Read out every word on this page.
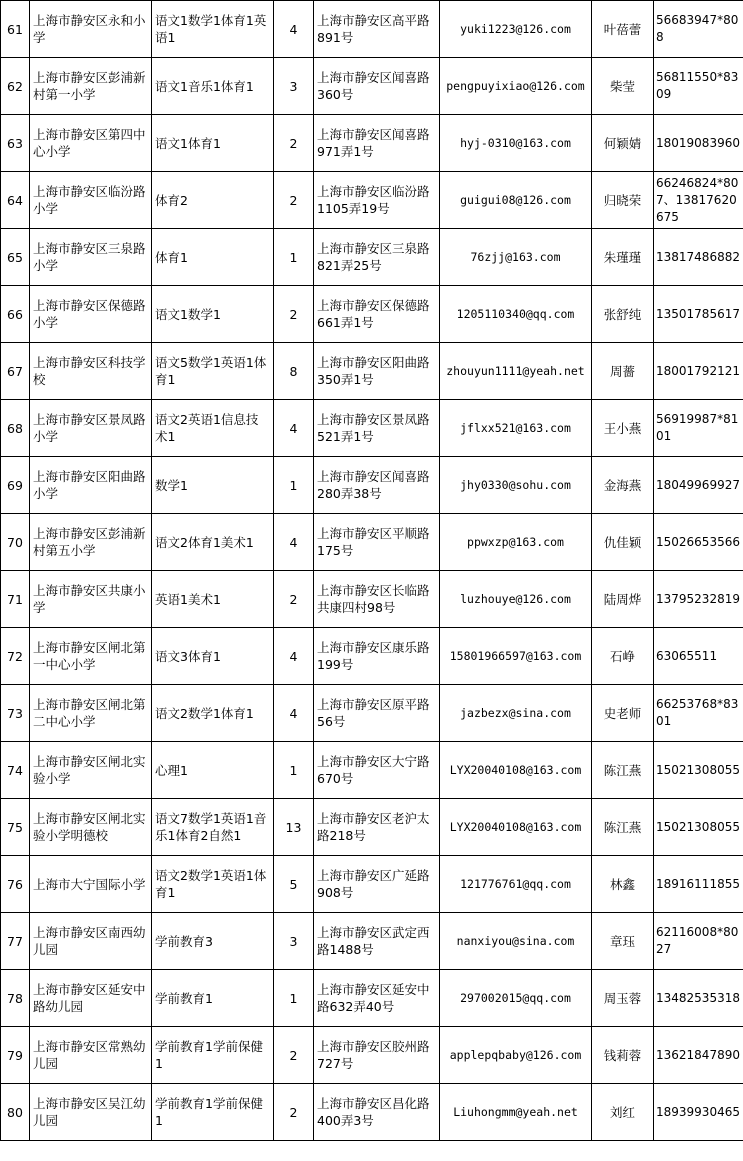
61	上海市静安区永和小学	语文1数学1体育1英语1	4	上海市静安区高平路891号	yuki1223@126.com	叶蓓蕾	56683947*808
62	上海市静安区彭浦新村第一小学	语文1音乐1体育1	3	上海市静安区闻喜路360号	pengpuyixiao@126.com	柴莹	56811550*8309
63	上海市静安区第四中心小学	语文1体育1	2	上海市静安区闻喜路971弄1号	hyj-0310@163.com	何颖婧	18019083960
64	上海市静安区临汾路小学	体育2	2	上海市静安区临汾路1105弄19号	guigui08@126.com	归晓荣	66246824*807、13817620675
65	上海市静安区三泉路小学	体育1	1	上海市静安区三泉路821弄25号	76zjj@163.com	朱瑾瑾	13817486882
66	上海市静安区保德路小学	语文1数学1	2	上海市静安区保德路661弄1号	1205110340@qq.com	张舒纯	13501785617
67	上海市静安区科技学校	语文5数学1英语1体育1	8	上海市静安区阳曲路350弄1号	zhouyun1111@yeah.net	周薔	18001792121
68	上海市静安区景凤路小学	语文2英语1信息技术1	4	上海市静安区景凤路521弄1号	jflxx521@163.com	王小燕	56919987*8101
69	上海市静安区阳曲路小学	数学1	1	上海市静安区闻喜路280弄38号	jhy0330@sohu.com	金海燕	18049969927
70	上海市静安区彭浦新村第五小学	语文2体育1美术1	4	上海市静安区平顺路175号	ppwxzp@163.com	仇佳颖	15026653566
71	上海市静安区共康小学	英语1美术1	2	上海市静安区长临路共康四村98号	luzhouye@126.com	陆周烨	13795232819
72	上海市静安区闸北第一中心小学	语文3体育1	4	上海市静安区康乐路199号	15801966597@163.com	石峥	63065511
73	上海市静安区闸北第二中心小学	语文2数学1体育1	4	上海市静安区原平路56号	jazbezx@sina.com	史老师	66253768*8301
74	上海市静安区闸北实验小学	心理1	1	上海市静安区大宁路670号	LYX20040108@163.com	陈江燕	15021308055
75	上海市静安区闸北实验小学明德校	语文7数学1英语1音乐1体育2自然1	13	上海市静安区老沪太路218号	LYX20040108@163.com	陈江燕	15021308055
76	上海市大宁国际小学	语文2数学1英语1体育1	5	上海市静安区广延路908号	121776761@qq.com	林鑫	18916111855
77	上海市静安区南西幼儿园	学前教育3	3	上海市静安区武定西路1488号	nanxiyou@sina.com	章珏	62116008*8027
78	上海市静安区延安中路幼儿园	学前教育1	1	上海市静安区延安中路632弄40号	297002015@qq.com	周玉蓉	13482535318
79	上海市静安区常熟幼儿园	学前教育1学前保健1	2	上海市静安区胶州路727号	applepqbaby@126.com	钱莉蓉	13621847890
80	上海市静安区吴江幼儿园	学前教育1学前保健1	2	上海市静安区昌化路400弄3号	Liuhongmm@yeah.net	刘红	18939930465
